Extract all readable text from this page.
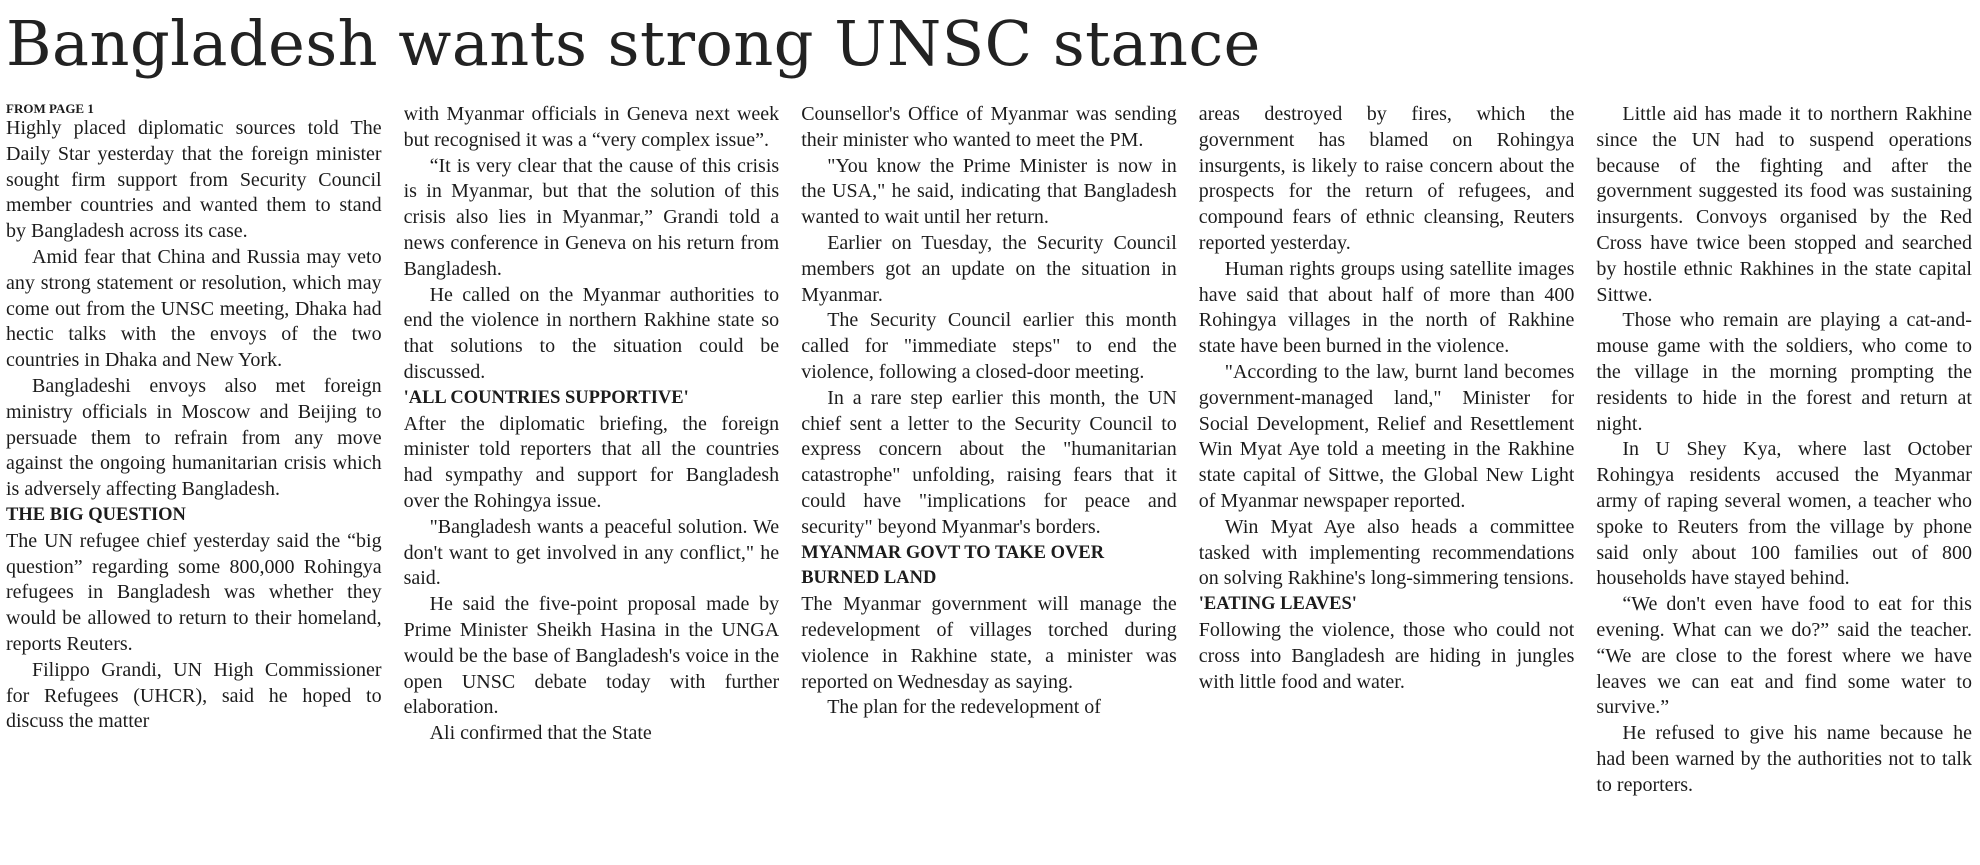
Bangladesh wants strong UNSC stance

FROM PAGE 1

Highly placed diplomatic sources told The Daily Star yesterday that the foreign minister sought firm support from Security Council member countries and wanted them to stand by Bangladesh across its case.

Amid fear that China and Russia may veto any strong statement or resolution, which may come out from the UNSC meeting, Dhaka had hectic talks with the envoys of the two countries in Dhaka and New York.

Bangladeshi envoys also met foreign ministry officials in Moscow and Beijing to persuade them to refrain from any move against the ongoing humanitarian crisis which is adversely affecting Bangladesh.

THE BIG QUESTION

The UN refugee chief yesterday said the “big question” regarding some 800,000 Rohingya refugees in Bangladesh was whether they would be allowed to return to their homeland, reports Reuters.

Filippo Grandi, UN High Commissioner for Refugees (UHCR), said he hoped to discuss the matter

with Myanmar officials in Geneva next week but recognised it was a “very complex issue”.

“It is very clear that the cause of this crisis is in Myanmar, but that the solution of this crisis also lies in Myanmar,” Grandi told a news conference in Geneva on his return from Bangladesh.

He called on the Myanmar authorities to end the violence in northern Rakhine state so that solutions to the situation could be discussed.

'ALL COUNTRIES SUPPORTIVE'

After the diplomatic briefing, the foreign minister told reporters that all the countries had sympathy and support for Bangladesh over the Rohingya issue.

"Bangladesh wants a peaceful solution. We don't want to get involved in any conflict," he said.

He said the five-point proposal made by Prime Minister Sheikh Hasina in the UNGA would be the base of Bangladesh's voice in the open UNSC debate today with further elaboration.

Ali confirmed that the State

Counsellor's Office of Myanmar was sending their minister who wanted to meet the PM.

"You know the Prime Minister is now in the USA," he said, indicating that Bangladesh wanted to wait until her return.

Earlier on Tuesday, the Security Council members got an update on the situation in Myanmar.

The Security Council earlier this month called for "immediate steps" to end the violence, following a closed-door meeting.

In a rare step earlier this month, the UN chief sent a letter to the Security Council to express concern about the "humanitarian catastrophe" unfolding, raising fears that it could have "implications for peace and security" beyond Myanmar's borders.

MYANMAR GOVT TO TAKE OVER BURNED LAND

The Myanmar government will manage the redevelopment of villages torched during violence in Rakhine state, a minister was reported on Wednesday as saying.

The plan for the redevelopment of

areas destroyed by fires, which the government has blamed on Rohingya insurgents, is likely to raise concern about the prospects for the return of refugees, and compound fears of ethnic cleansing, Reuters reported yesterday.

Human rights groups using satellite images have said that about half of more than 400 Rohingya villages in the north of Rakhine state have been burned in the violence.

"According to the law, burnt land becomes government-managed land," Minister for Social Development, Relief and Resettlement Win Myat Aye told a meeting in the Rakhine state capital of Sittwe, the Global New Light of Myanmar newspaper reported.

Win Myat Aye also heads a committee tasked with implementing recommendations on solving Rakhine's long-simmering tensions.

'EATING LEAVES'

Following the violence, those who could not cross into Bangladesh are hiding in jungles with little food and water.

Little aid has made it to northern Rakhine since the UN had to suspend operations because of the fighting and after the government suggested its food was sustaining insurgents. Convoys organised by the Red Cross have twice been stopped and searched by hostile ethnic Rakhines in the state capital Sittwe.

Those who remain are playing a cat-and-mouse game with the soldiers, who come to the village in the morning prompting the residents to hide in the forest and return at night.

In U Shey Kya, where last October Rohingya residents accused the Myanmar army of raping several women, a teacher who spoke to Reuters from the village by phone said only about 100 families out of 800 households have stayed behind.

“We don't even have food to eat for this evening. What can we do?” said the teacher. “We are close to the forest where we have leaves we can eat and find some water to survive.”

He refused to give his name because he had been warned by the authorities not to talk to reporters.
